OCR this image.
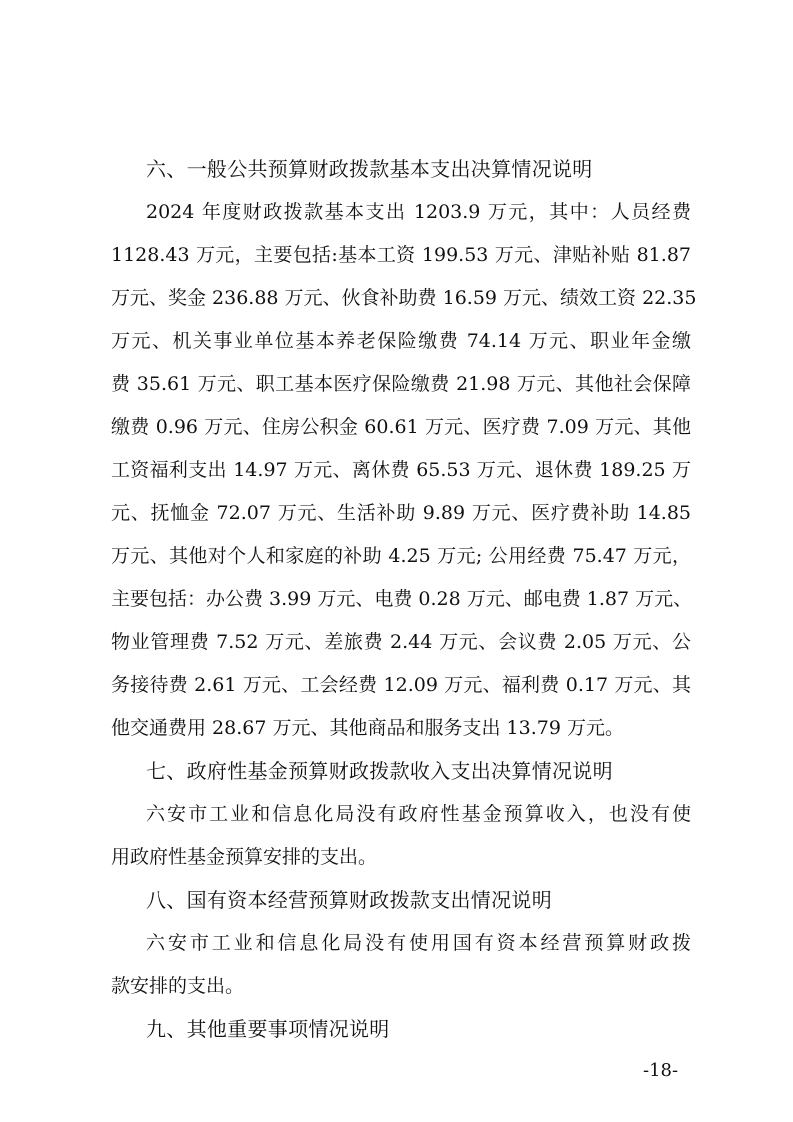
六、一般公共预算财政拨款基本支出决算情况说明
2024 年度财政拨款基本支出 1203.9 万元，其中：人员经费
1128.43 万元，主要包括:基本工资 199.53 万元、津贴补贴 81.87
万元、奖金 236.88 万元、伙食补助费 16.59 万元、绩效工资 22.35
万元、机关事业单位基本养老保险缴费 74.14 万元、职业年金缴
费 35.61 万元、职工基本医疗保险缴费 21.98 万元、其他社会保障
缴费 0.96 万元、住房公积金 60.61 万元、医疗费 7.09 万元、其他
工资福利支出 14.97 万元、离休费 65.53 万元、退休费 189.25 万
元、抚恤金 72.07 万元、生活补助 9.89 万元、医疗费补助 14.85
万元、其他对个人和家庭的补助 4.25 万元; 公用经费 75.47 万元，
主要包括：办公费 3.99 万元、电费 0.28 万元、邮电费 1.87 万元、
物业管理费 7.52 万元、差旅费 2.44 万元、会议费 2.05 万元、公
务接待费 2.61 万元、工会经费 12.09 万元、福利费 0.17 万元、其
他交通费用 28.67 万元、其他商品和服务支出 13.79 万元。
七、政府性基金预算财政拨款收入支出决算情况说明
六安市工业和信息化局没有政府性基金预算收入，也没有使
用政府性基金预算安排的支出。
八、国有资本经营预算财政拨款支出情况说明
六安市工业和信息化局没有使用国有资本经营预算财政拨
款安排的支出。
九、其他重要事项情况说明
-18-
